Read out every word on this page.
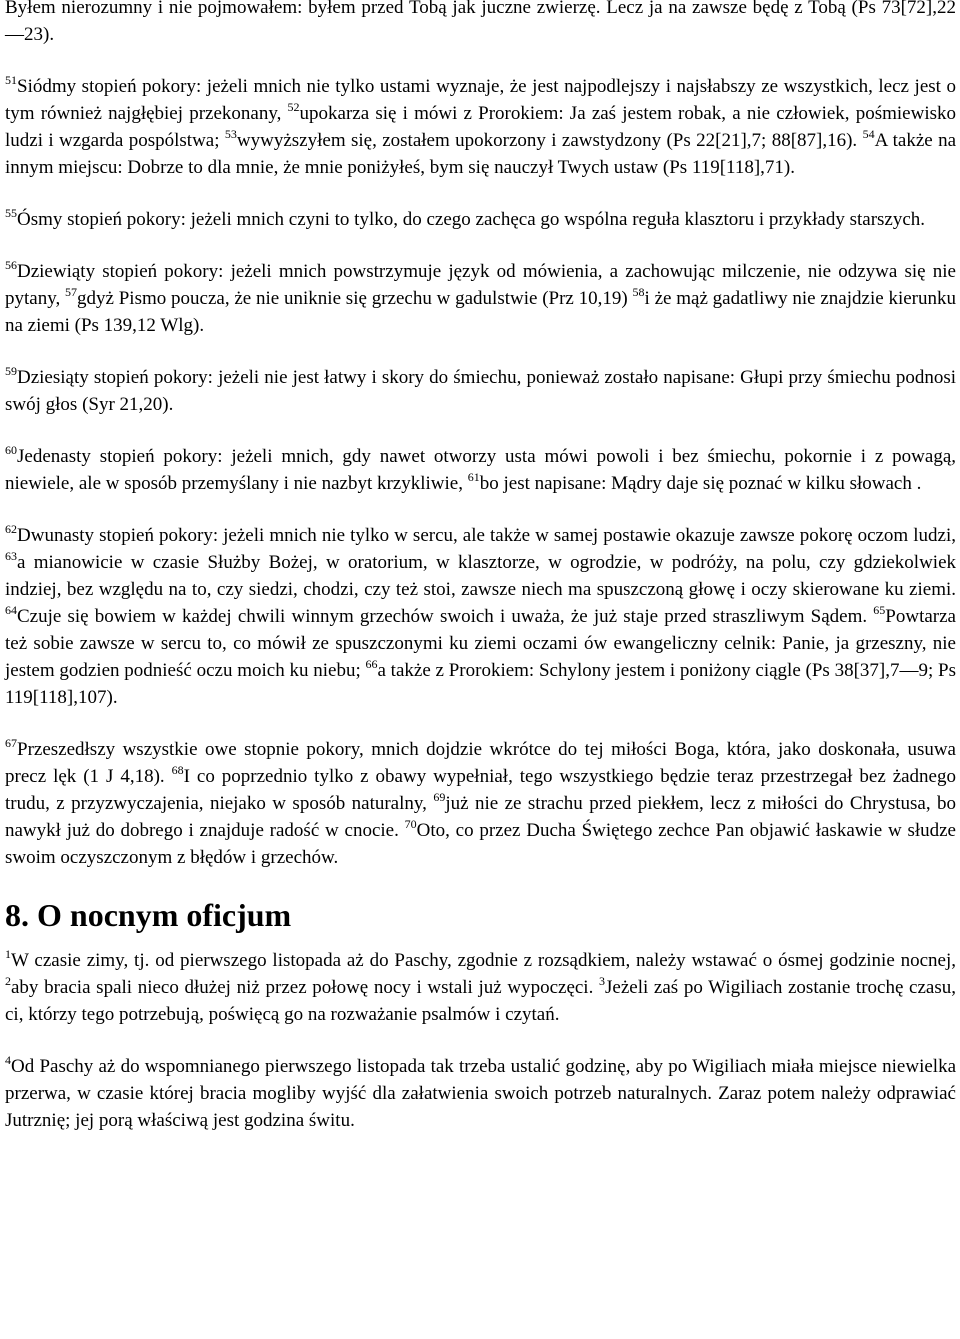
Byłem nierozumny i nie pojmowałem: byłem przed Tobą jak juczne zwierzę. Lecz ja na zawsze będę z Tobą (Ps 73[72],22—23).

$^{51}$Siódmy stopień pokory: jeżeli mnich nie tylko ustami wyznaje, że jest najpodlejszy i najsłabszy ze wszystkich, lecz jest o tym również najgłębiej przekonany, $^{52}$upokarza się i mówi z Prorokiem: Ja zaś jestem robak, a nie człowiek, pośmiewisko ludzi i wzgarda pospólstwa; $^{53}$wywyższyłem się, zostałem upokorzony i zawstydzony (Ps 22[21],7; 88[87],16). $^{54}$A także na innym miejscu: Dobrze to dla mnie, że mnie poniżyłeś, bym się nauczył Twych ustaw (Ps 119[118],71).

$^{55}$Ósmy stopień pokory: jeżeli mnich czyni to tylko, do czego zachęca go wspólna reguła klasztoru i przykłady starszych.

$^{56}$Dziewiąty stopień pokory: jeżeli mnich powstrzymuje język od mówienia, a zachowując milczenie, nie odzywa się nie pytany, $^{57}$gdyż Pismo poucza, że nie uniknie się grzechu w gadulstwie (Prz 10,19) $^{58}$i że mąż gadatliwy nie znajdzie kierunku na ziemi (Ps 139,12 Wlg).

$^{59}$Dziesiąty stopień pokory: jeżeli nie jest łatwy i skory do śmiechu, ponieważ zostało napisane: Głupi przy śmiechu podnosi swój głos (Syr 21,20).

$^{60}$Jedenasty stopień pokory: jeżeli mnich, gdy nawet otworzy usta mówi powoli i bez śmiechu, pokornie i z powagą, niewiele, ale w sposób przemyślany i nie nazbyt krzykliwie, $^{61}$bo jest napisane: Mądry daje się poznać w kilku słowach .

$^{62}$Dwunasty stopień pokory: jeżeli mnich nie tylko w sercu, ale także w samej postawie okazuje zawsze pokorę oczom ludzi, $^{63}$a mianowicie w czasie Służby Bożej, w oratorium, w klasztorze, w ogrodzie, w podróży, na polu, czy gdziekolwiek indziej, bez względu na to, czy siedzi, chodzi, czy też stoi, zawsze niech ma spuszczoną głowę i oczy skierowane ku ziemi. $^{64}$Czuje się bowiem w każdej chwili winnym grzechów swoich i uważa, że już staje przed straszliwym Sądem. $^{65}$Powtarza też sobie zawsze w sercu to, co mówił ze spuszczonymi ku ziemi oczami ów ewangeliczny celnik: Panie, ja grzeszny, nie jestem godzien podnieść oczu moich ku niebu; $^{66}$a także z Prorokiem: Schylony jestem i poniżony ciągle (Ps 38[37],7—9; Ps 119[118],107).

$^{67}$Przeszedłszy wszystkie owe stopnie pokory, mnich dojdzie wkrótce do tej miłości Boga, która, jako doskonała, usuwa precz lęk (1 J 4,18). $^{68}$I co poprzednio tylko z obawy wypełniał, tego wszystkiego będzie teraz przestrzegał bez żadnego trudu, z przyzwyczajenia, niejako w sposób naturalny, $^{69}$już nie ze strachu przed piekłem, lecz z miłości do Chrystusa, bo nawykł już do dobrego i znajduje radość w cnocie. $^{70}$Oto, co przez Ducha Świętego zechce Pan objawić łaskawie w słudze swoim oczyszczonym z błędów i grzechów.

8. O nocnym oficjum

$^1$W czasie zimy, tj. od pierwszego listopada aż do Paschy, zgodnie z rozsądkiem, należy wstawać o ósmej godzinie nocnej, $^2$aby bracia spali nieco dłużej niż przez połowę nocy i wstali już wypoczęci. $^3$Jeżeli zaś po Wigiliach zostanie trochę czasu, ci, którzy tego potrzebują, poświęcą go na rozważanie psalmów i czytań.

$^4$Od Paschy aż do wspomnianego pierwszego listopada tak trzeba ustalić godzinę, aby po Wigiliach miała miejsce niewielka przerwa, w czasie której bracia mogliby wyjść dla załatwienia swoich potrzeb naturalnych. Zaraz potem należy odprawiać Jutrznię; jej porą właściwą jest godzina świtu.
